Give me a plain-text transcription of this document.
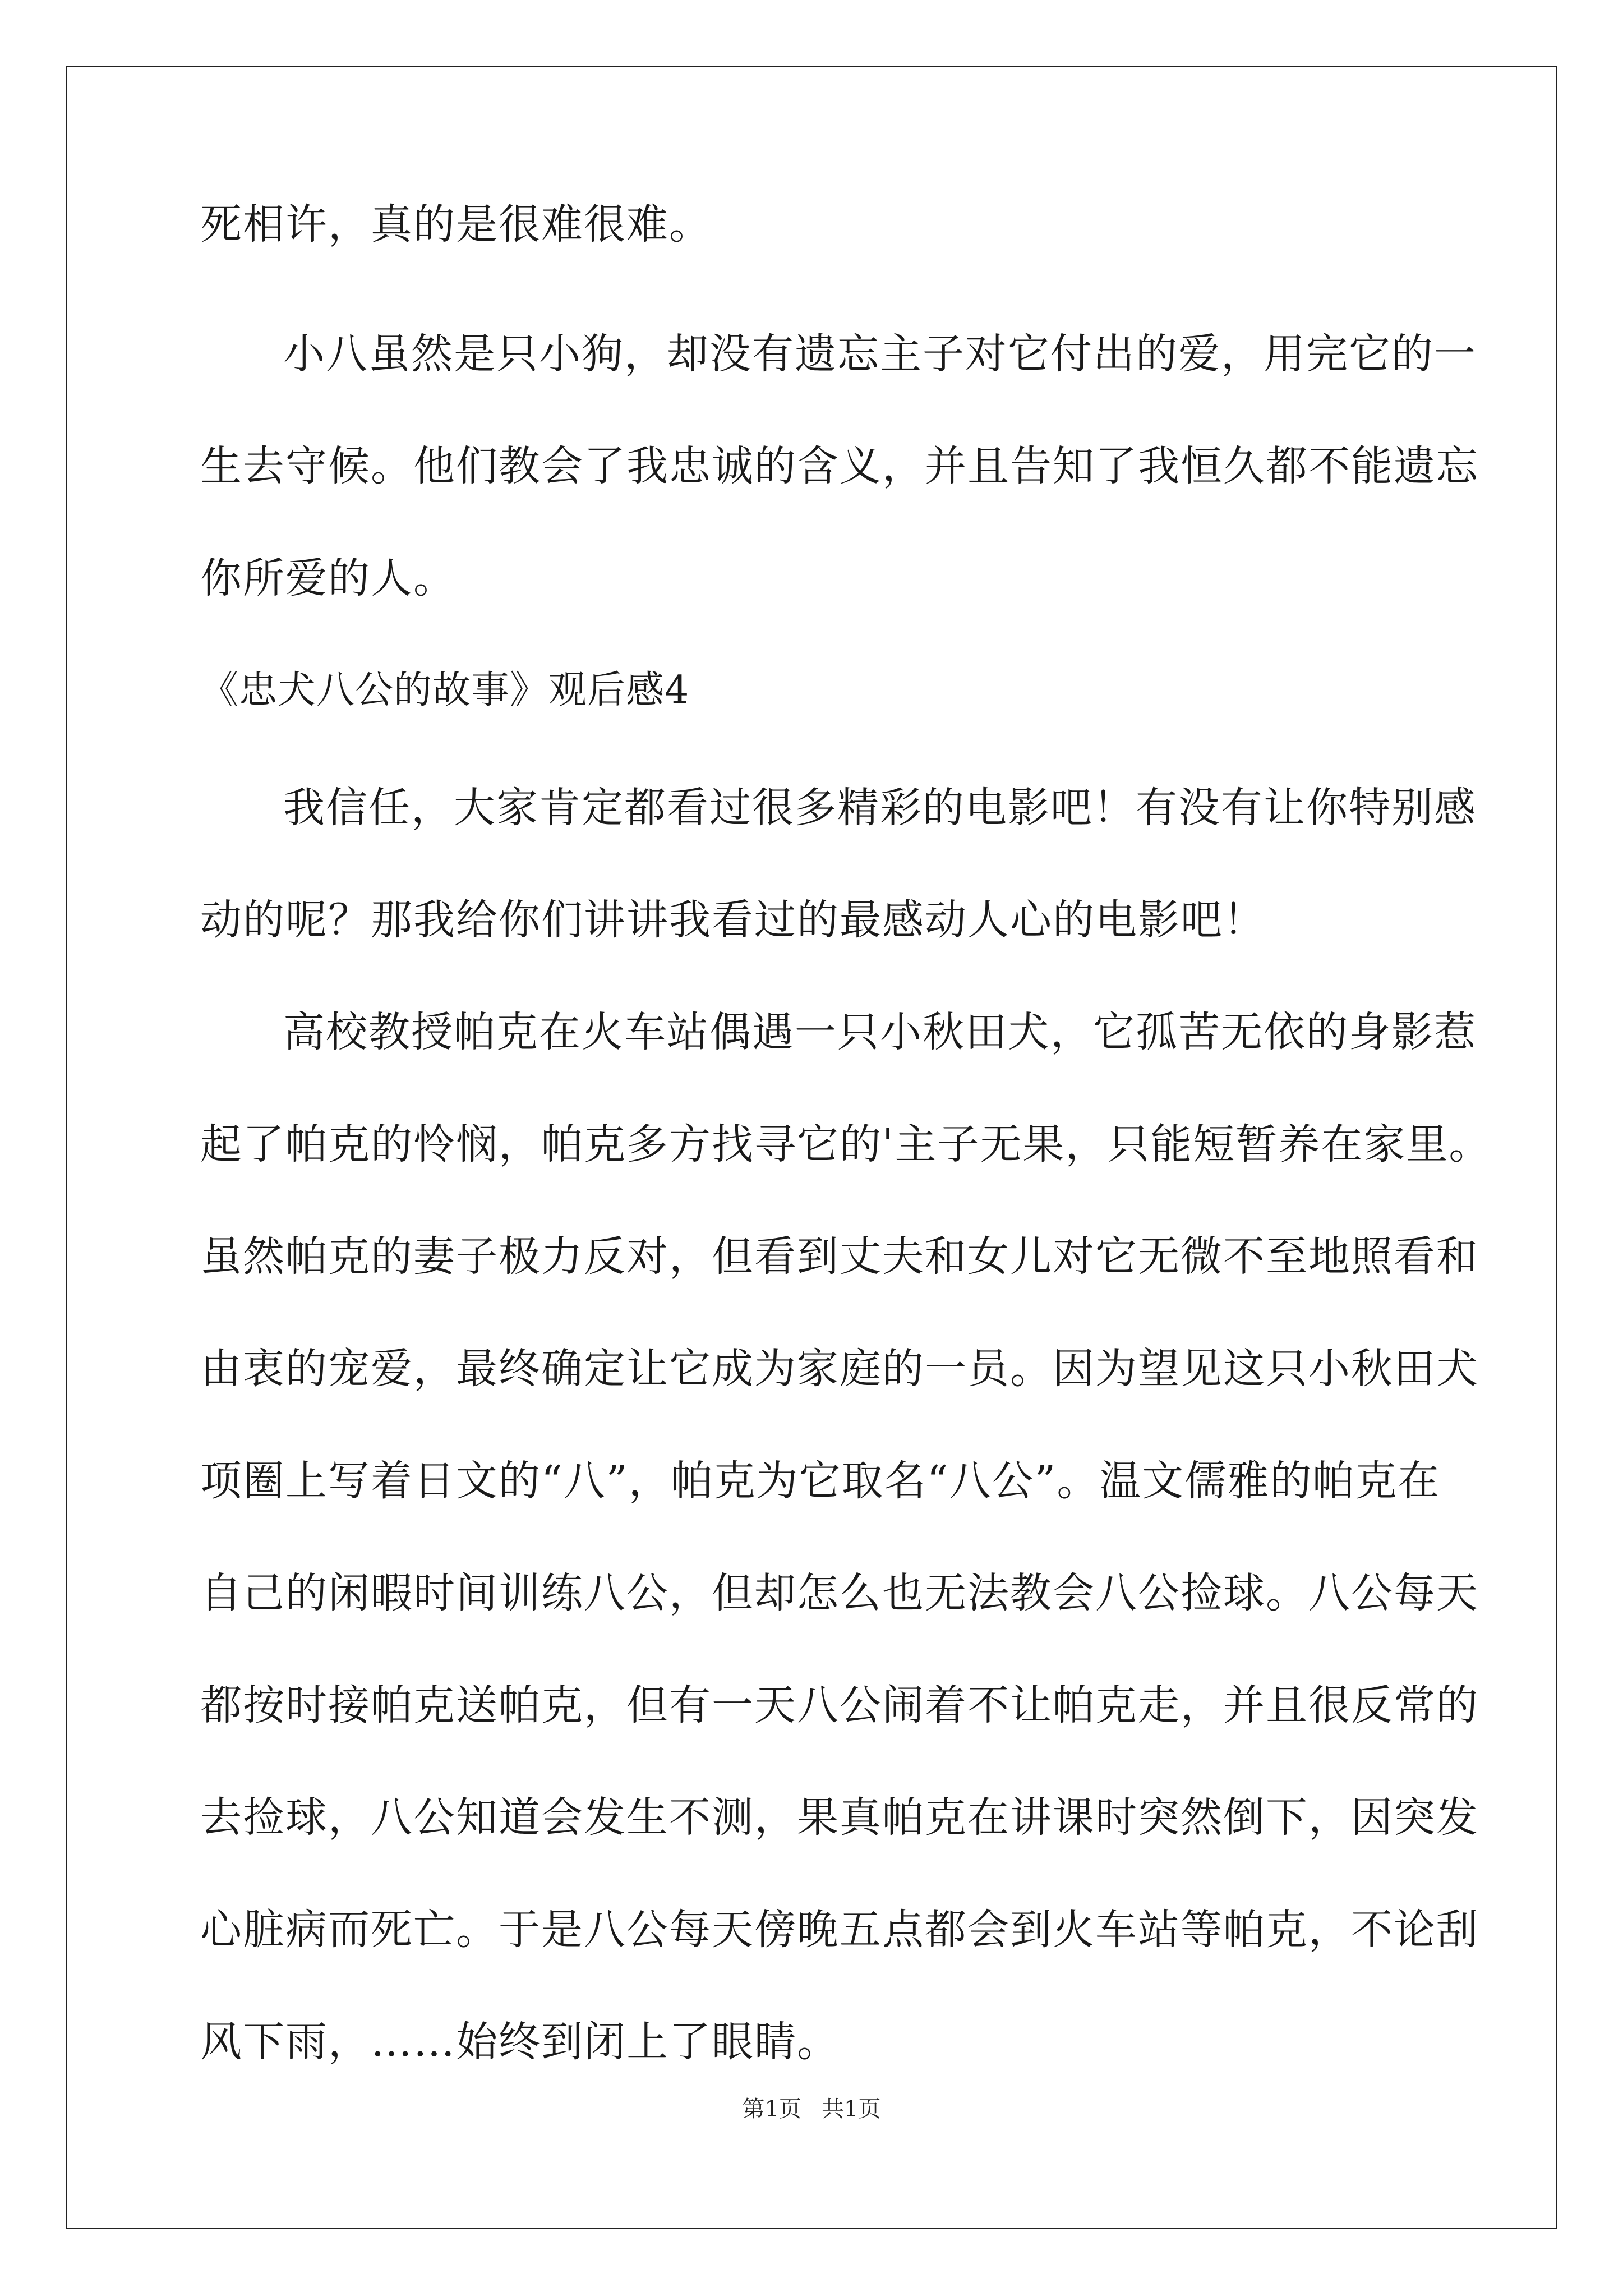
死相许，真的是很难很难。
小八虽然是只小狗，却没有遗忘主子对它付出的爱，用完它的一
生去守候。他们教会了我忠诚的含义，并且告知了我恒久都不能遗忘
你所爱的人。
《忠犬八公的故事》观后感4
我信任，大家肯定都看过很多精彩的电影吧！有没有让你特别感
动的呢？那我给你们讲讲我看过的最感动人心的电影吧！
高校教授帕克在火车站偶遇一只小秋田犬，它孤苦无依的身影惹
起了帕克的怜悯，帕克多方找寻它的'主子无果，只能短暂养在家里。
虽然帕克的妻子极力反对，但看到丈夫和女儿对它无微不至地照看和
由衷的宠爱，最终确定让它成为家庭的一员。因为望见这只小秋田犬
项圈上写着日文的“八”，帕克为它取名“八公”。温文儒雅的帕克在
自己的闲暇时间训练八公，但却怎么也无法教会八公捡球。八公每天
都按时接帕克送帕克，但有一天八公闹着不让帕克走，并且很反常的
去捡球，八公知道会发生不测，果真帕克在讲课时突然倒下，因突发
心脏病而死亡。于是八公每天傍晚五点都会到火车站等帕克，不论刮
风下雨，……始终到闭上了眼睛。
第1页 共1页
